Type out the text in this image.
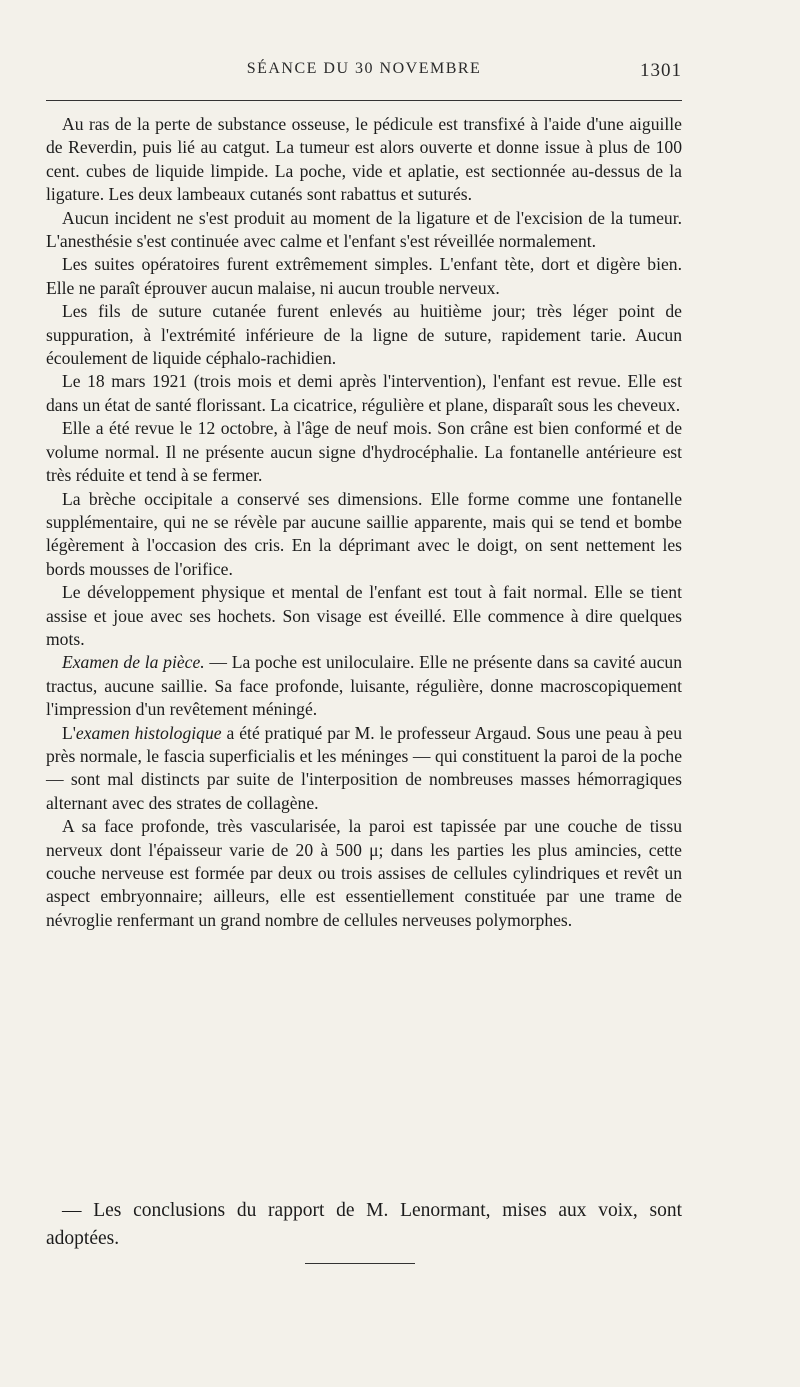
SÉANCE DU 30 NOVEMBRE	1301

Au ras de la perte de substance osseuse, le pédicule est transfixé à l'aide d'une aiguille de Reverdin, puis lié au catgut. La tumeur est alors ouverte et donne issue à plus de 100 cent. cubes de liquide limpide. La poche, vide et aplatie, est sectionnée au-dessus de la ligature. Les deux lambeaux cutanés sont rabattus et suturés.

Aucun incident ne s'est produit au moment de la ligature et de l'excision de la tumeur. L'anesthésie s'est continuée avec calme et l'enfant s'est réveillée normalement.

Les suites opératoires furent extrêmement simples. L'enfant tète, dort et digère bien. Elle ne paraît éprouver aucun malaise, ni aucun trouble nerveux.

Les fils de suture cutanée furent enlevés au huitième jour; très léger point de suppuration, à l'extrémité inférieure de la ligne de suture, rapidement tarie. Aucun écoulement de liquide céphalo-rachidien.

Le 18 mars 1921 (trois mois et demi après l'intervention), l'enfant est revue. Elle est dans un état de santé florissant. La cicatrice, régulière et plane, disparaît sous les cheveux.

Elle a été revue le 12 octobre, à l'âge de neuf mois. Son crâne est bien conformé et de volume normal. Il ne présente aucun signe d'hydrocéphalie. La fontanelle antérieure est très réduite et tend à se fermer.

La brèche occipitale a conservé ses dimensions. Elle forme comme une fontanelle supplémentaire, qui ne se révèle par aucune saillie apparente, mais qui se tend et bombe légèrement à l'occasion des cris. En la déprimant avec le doigt, on sent nettement les bords mousses de l'orifice.

Le développement physique et mental de l'enfant est tout à fait normal. Elle se tient assise et joue avec ses hochets. Son visage est éveillé. Elle commence à dire quelques mots.

Examen de la pièce. — La poche est uniloculaire. Elle ne présente dans sa cavité aucun tractus, aucune saillie. Sa face profonde, luisante, régulière, donne macroscopiquement l'impression d'un revêtement méningé.

L'examen histologique a été pratiqué par M. le professeur Argaud. Sous une peau à peu près normale, le fascia superficialis et les méninges — qui constituent la paroi de la poche — sont mal distincts par suite de l'interposition de nombreuses masses hémorragiques alternant avec des strates de collagène.

A sa face profonde, très vascularisée, la paroi est tapissée par une couche de tissu nerveux dont l'épaisseur varie de 20 à 500 μ; dans les parties les plus amincies, cette couche nerveuse est formée par deux ou trois assises de cellules cylindriques et revêt un aspect embryonnaire; ailleurs, elle est essentiellement constituée par une trame de névroglie renfermant un grand nombre de cellules nerveuses polymorphes.

— Les conclusions du rapport de M. Lenormant, mises aux voix, sont adoptées.
